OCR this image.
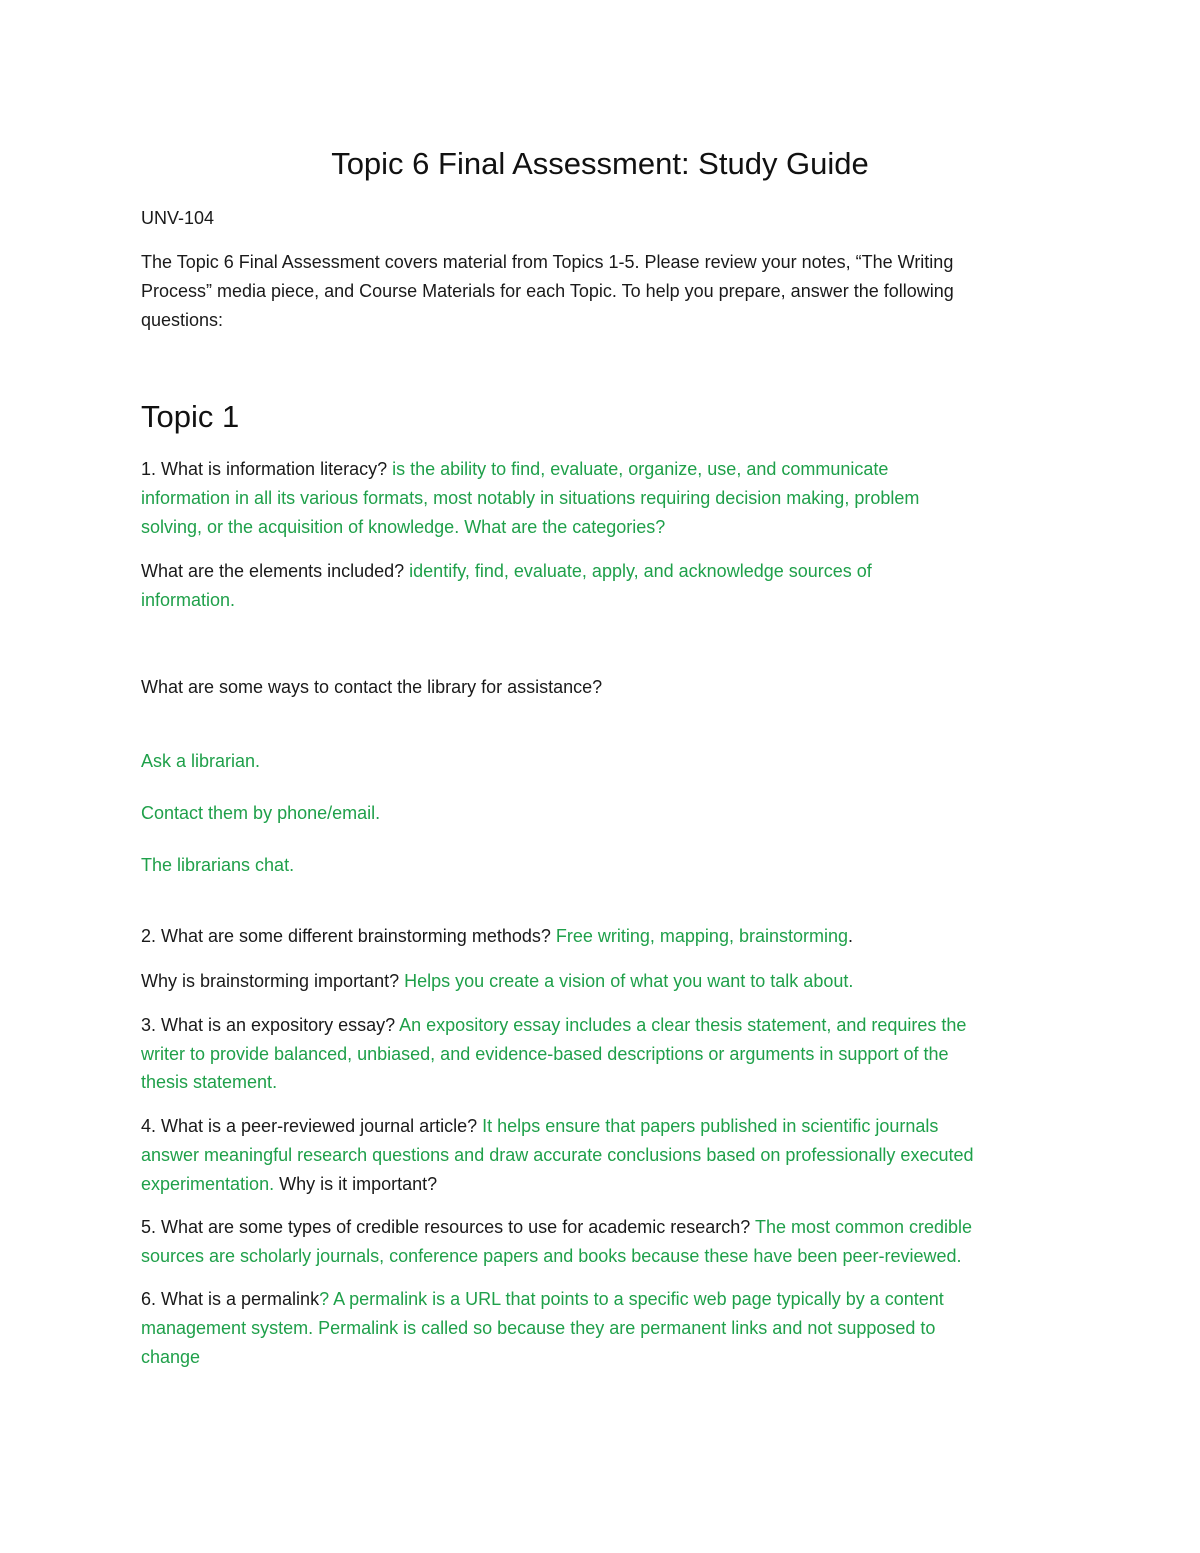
Topic 6 Final Assessment: Study Guide
UNV-104
The Topic 6 Final Assessment covers material from Topics 1-5. Please review your notes, “The Writing
Process” media piece, and Course Materials for each Topic. To help you prepare, answer the following
questions:
Topic 1
1. What is information literacy? is the ability to find, evaluate, organize, use, and communicate
information in all its various formats, most notably in situations requiring decision making, problem
solving, or the acquisition of knowledge. What are the categories?
What are the elements included? identify, find, evaluate, apply, and acknowledge sources of
information.
What are some ways to contact the library for assistance?
Ask a librarian.
Contact them by phone/email.
The librarians chat.
2. What are some different brainstorming methods? Free writing, mapping, brainstorming.
Why is brainstorming important? Helps you create a vision of what you want to talk about.
3. What is an expository essay? An expository essay includes a clear thesis statement, and requires the
writer to provide balanced, unbiased, and evidence-based descriptions or arguments in support of the
thesis statement.
4. What is a peer-reviewed journal article? It helps ensure that papers published in scientific journals
answer meaningful research questions and draw accurate conclusions based on professionally executed
experimentation. Why is it important?
5. What are some types of credible resources to use for academic research? The most common credible
sources are scholarly journals, conference papers and books because these have been peer-reviewed.
6. What is a permalink? A permalink is a URL that points to a specific web page typically by a content
management system. Permalink is called so because they are permanent links and not supposed to
change
